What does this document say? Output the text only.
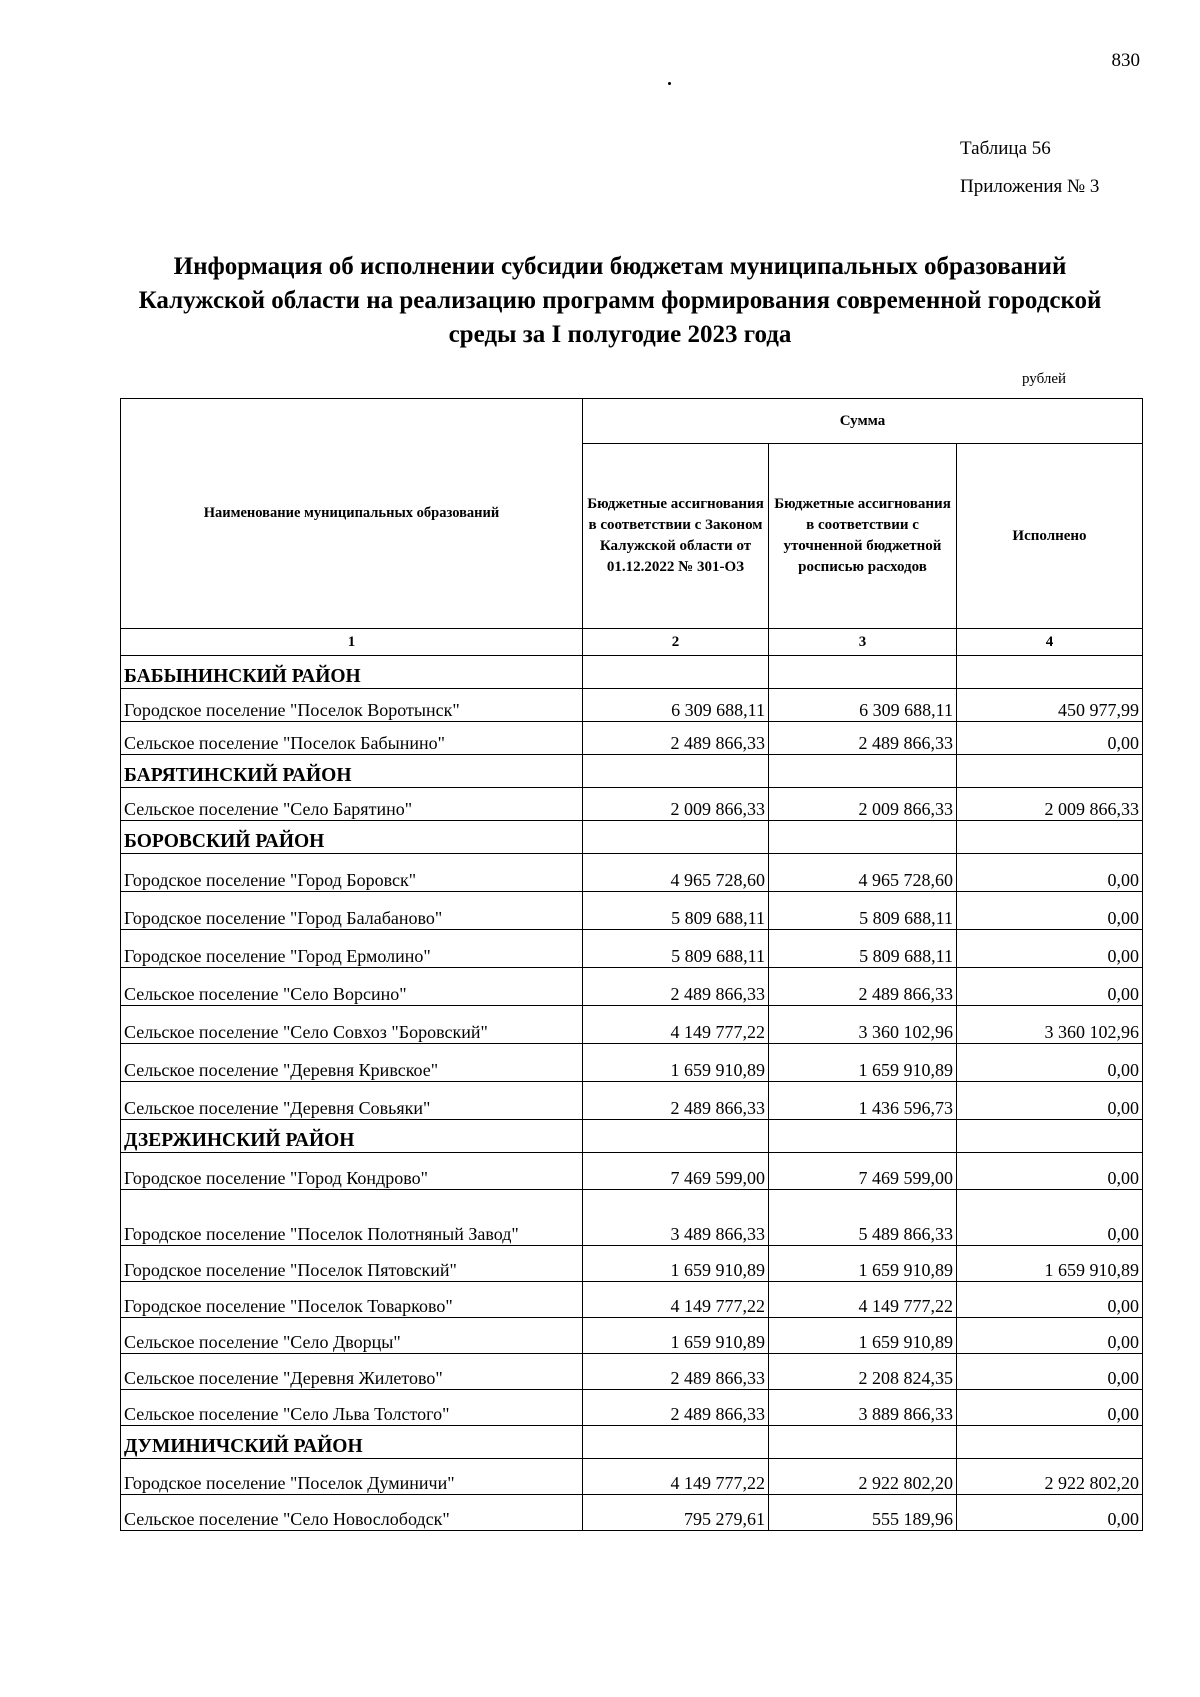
830
Таблица 56
Приложения № 3
Информация об исполнении субсидии бюджетам муниципальных образований
Калужской области на реализацию программ формирования современной городской
среды за I полугодие 2023 года
рублей
Наименование муниципальных образований	Сумма		
	Бюджетные ассигнования в соответствии с Законом Калужской области от 01.12.2022 № 301-ОЗ	Бюджетные ассигнования в соответствии с уточненной бюджетной росписью расходов	Исполнено
1	2	3	4
БАБЫНИНСКИЙ РАЙОН			
Городское поселение "Поселок Воротынск"	6 309 688,11	6 309 688,11	450 977,99
Сельское поселение "Поселок Бабынино"	2 489 866,33	2 489 866,33	0,00
БАРЯТИНСКИЙ РАЙОН			
Сельское поселение "Село Барятино"	2 009 866,33	2 009 866,33	2 009 866,33
БОРОВСКИЙ РАЙОН			
Городское поселение "Город Боровск"	4 965 728,60	4 965 728,60	0,00
Городское поселение "Город Балабаново"	5 809 688,11	5 809 688,11	0,00
Городское поселение "Город Ермолино"	5 809 688,11	5 809 688,11	0,00
Сельское поселение "Село Ворсино"	2 489 866,33	2 489 866,33	0,00
Сельское поселение "Село Совхоз "Боровский"	4 149 777,22	3 360 102,96	3 360 102,96
Сельское поселение "Деревня Кривское"	1 659 910,89	1 659 910,89	0,00
Сельское поселение "Деревня Совьяки"	2 489 866,33	1 436 596,73	0,00
ДЗЕРЖИНСКИЙ РАЙОН			
Городское поселение "Город Кондрово"	7 469 599,00	7 469 599,00	0,00
Городское поселение "Поселок Полотняный Завод"	3 489 866,33	5 489 866,33	0,00
Городское поселение "Поселок Пятовский"	1 659 910,89	1 659 910,89	1 659 910,89
Городское поселение "Поселок Товарково"	4 149 777,22	4 149 777,22	0,00
Сельское поселение "Село Дворцы"	1 659 910,89	1 659 910,89	0,00
Сельское поселение "Деревня Жилетово"	2 489 866,33	2 208 824,35	0,00
Сельское поселение "Село Льва Толстого"	2 489 866,33	3 889 866,33	0,00
ДУМИНИЧСКИЙ РАЙОН			
Городское поселение "Поселок Думиничи"	4 149 777,22	2 922 802,20	2 922 802,20
Сельское поселение "Село Новослободск"	795 279,61	555 189,96	0,00
